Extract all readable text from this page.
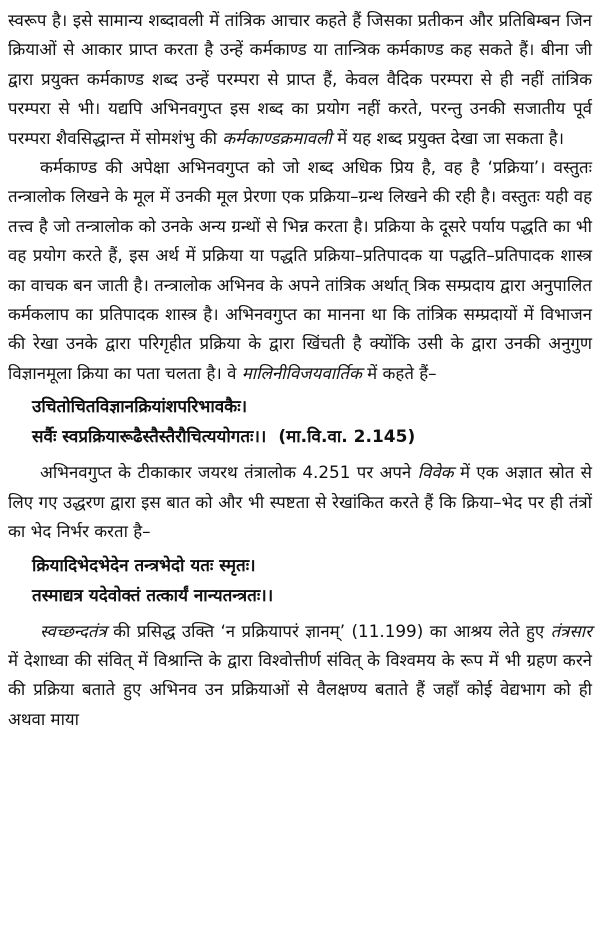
स्वरूप है। इसे सामान्य शब्दावली में तांत्रिक आचार कहते हैं जिसका प्रतीकन और प्रतिबिम्बन जिन क्रियाओं से आकार प्राप्त करता है उन्हें कर्मकाण्ड या तान्त्रिक कर्मकाण्ड कह सकते हैं। बीना जी द्वारा प्रयुक्त कर्मकाण्ड शब्द उन्हें परम्परा से प्राप्त हैं, केवल वैदिक परम्परा से ही नहीं तांत्रिक परम्परा से भी। यद्यपि अभिनवगुप्त इस शब्द का प्रयोग नहीं करते, परन्तु उनकी सजातीय पूर्व परम्परा शैवसिद्धान्त में सोमशंभु की कर्मकाण्डक्रमावली में यह शब्द प्रयुक्त देखा जा सकता है।

कर्मकाण्ड की अपेक्षा अभिनवगुप्त को जो शब्द अधिक प्रिय है, वह है ‘प्रक्रिया’। वस्तुतः तन्त्रालोक लिखने के मूल में उनकी मूल प्रेरणा एक प्रक्रिया–ग्रन्थ लिखने की रही है। वस्तुतः यही वह तत्त्व है जो तन्त्रालोक को उनके अन्य ग्रन्थों से भिन्न करता है। प्रक्रिया के दूसरे पर्याय पद्धति का भी वह प्रयोग करते हैं, इस अर्थ में प्रक्रिया या पद्धति प्रक्रिया–प्रतिपादक या पद्धति–प्रतिपादक शास्त्र का वाचक बन जाती है। तन्त्रालोक अभिनव के अपने तांत्रिक अर्थात् त्रिक सम्प्रदाय द्वारा अनुपालित कर्मकलाप का प्रतिपादक शास्त्र है। अभिनवगुप्त का मानना था कि तांत्रिक सम्प्रदायों में विभाजन की रेखा उनके द्वारा परिगृहीत प्रक्रिया के द्वारा खिंचती है क्योंकि उसी के द्वारा उनकी अनुगुण विज्ञानमूला क्रिया का पता चलता है। वे मालिनीविजयवार्तिक में कहते हैं–

उचितोचितविज्ञानक्रियांशपरिभावकैः।
सर्वैः स्वप्रक्रियारूढैस्तैस्तैरौचित्ययोगतः।। (मा.वि.वा. 2.145)

अभिनवगुप्त के टीकाकार जयरथ तंत्रालोक 4.251 पर अपने विवेक में एक अज्ञात स्रोत से लिए गए उद्धरण द्वारा इस बात को और भी स्पष्टता से रेखांकित करते हैं कि क्रिया–भेद पर ही तंत्रों का भेद निर्भर करता है–

क्रियादिभेदभेदेन तन्त्रभेदो यतः स्मृतः।
तस्माद्यत्र यदेवोक्तं तत्कार्यं नान्यतन्त्रतः।।

स्वच्छन्दतंत्र की प्रसिद्ध उक्ति ‘न प्रक्रियापरं ज्ञानम्’ (11.199) का आश्रय लेते हुए तंत्रसार में देशाध्वा की संवित् में विश्रान्ति के द्वारा विश्वोत्तीर्ण संवित् के विश्वमय के रूप में भी ग्रहण करने की प्रक्रिया बताते हुए अभिनव उन प्रक्रियाओं से वैलक्षण्य बताते हैं जहाँ कोई वेद्यभाग को ही अथवा माया
